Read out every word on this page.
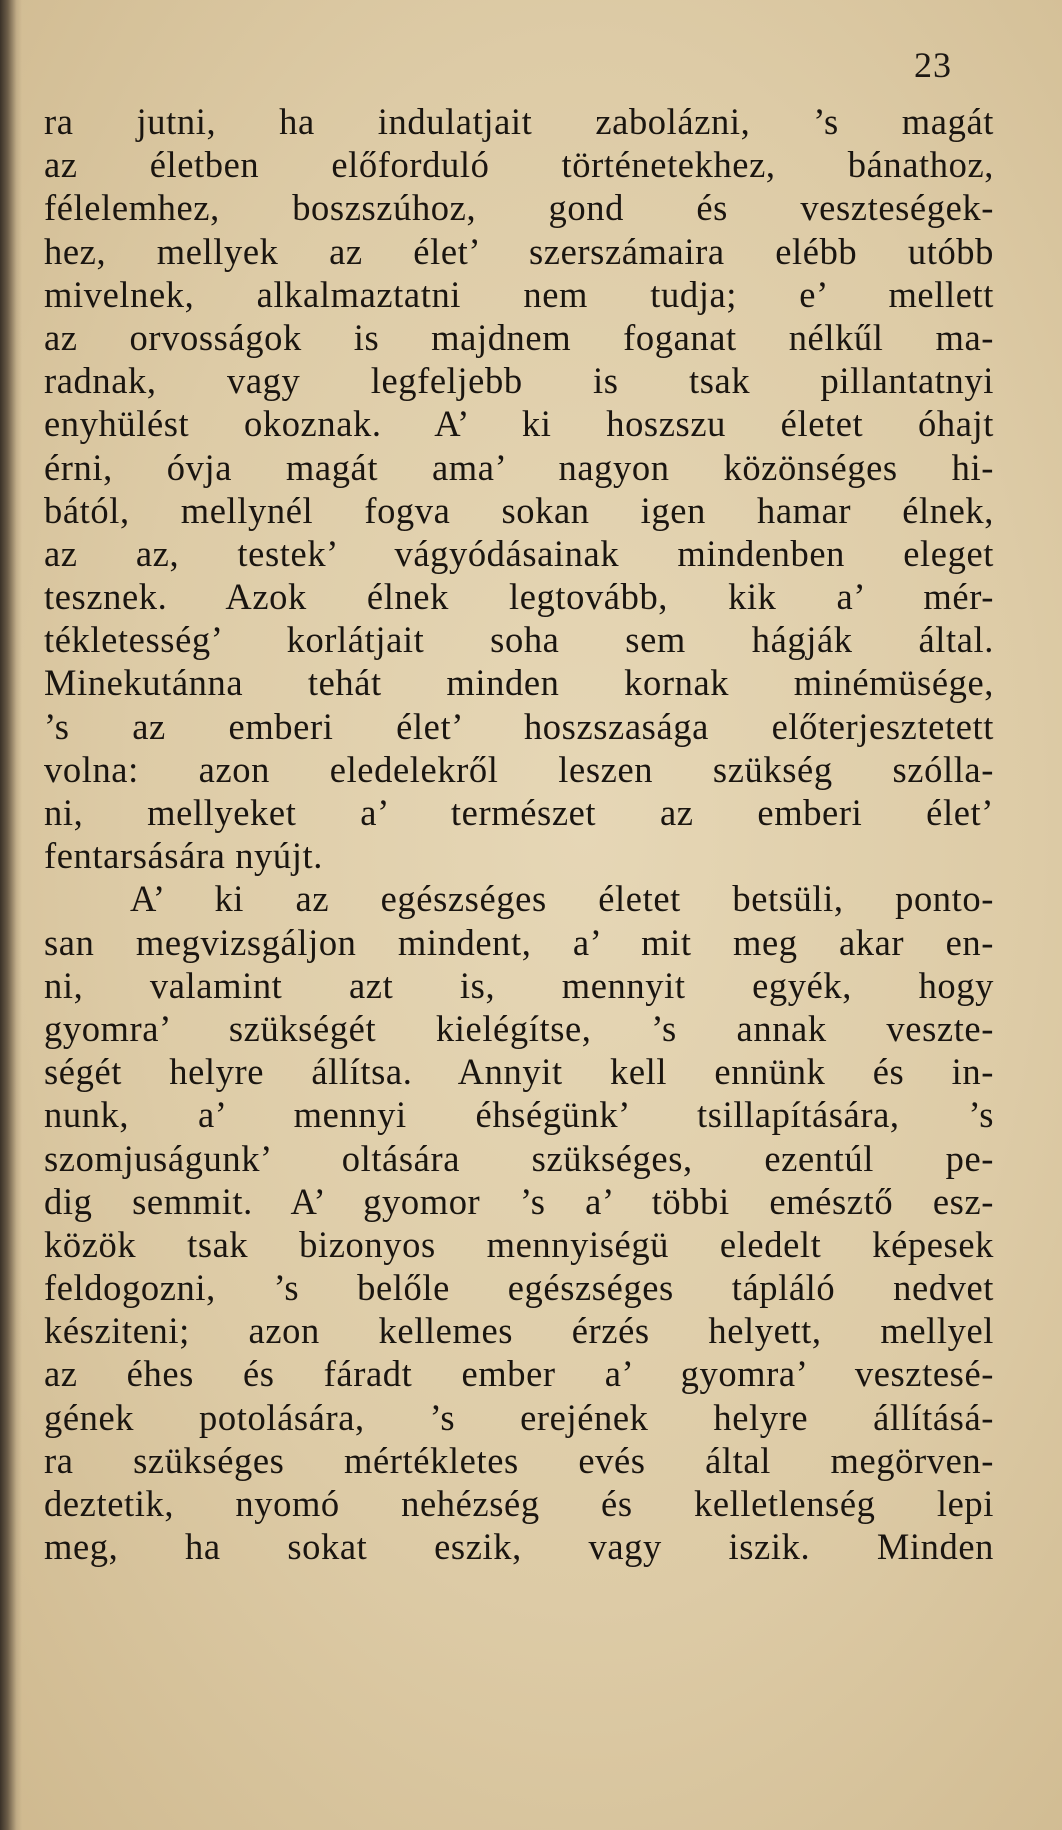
23
ra jutni, ha indulatjait zabolázni, ’s magát
az életben előforduló történetekhez, bánathoz,
félelemhez, boszszúhoz, gond és veszteségek-
hez, mellyek az élet’ szerszámaira elébb utóbb
mivelnek, alkalmaztatni nem tudja; e’ mellett
az orvosságok is majdnem foganat nélkűl ma-
radnak, vagy legfeljebb is tsak pillantatnyi
enyhülést okoznak. A’ ki hoszszu életet óhajt
érni, óvja magát ama’ nagyon közönséges hi-
bától, mellynél fogva sokan igen hamar élnek,
az az, testek’ vágyódásainak mindenben eleget
tesznek. Azok élnek legtovább, kik a’ mér-
tékletesség’ korlátjait soha sem hágják által.
Minekutánna tehát minden kornak minémüsége,
’s az emberi élet’ hoszszasága előterjesztetett
volna: azon eledelekről leszen szükség szólla-
ni, mellyeket a’ természet az emberi élet’
fentarsására nyújt.
A’ ki az egészséges életet betsüli, ponto-
san megvizsgáljon mindent, a’ mit meg akar en-
ni, valamint azt is, mennyit egyék, hogy
gyomra’ szükségét kielégítse, ’s annak veszte-
ségét helyre állítsa. Annyit kell ennünk és in-
nunk, a’ mennyi éhségünk’ tsillapítására, ’s
szomjuságunk’ oltására szükséges, ezentúl pe-
dig semmit. A’ gyomor ’s a’ többi emésztő esz-
közök tsak bizonyos mennyiségü eledelt képesek
feldogozni, ’s belőle egészséges tápláló nedvet
késziteni; azon kellemes érzés helyett, mellyel
az éhes és fáradt ember a’ gyomra’ vesztesé-
gének potolására, ’s erejének helyre állításá-
ra szükséges mértékletes evés által megörven-
deztetik, nyomó nehézség és kelletlenség lepi
meg, ha sokat eszik, vagy iszik. Minden
